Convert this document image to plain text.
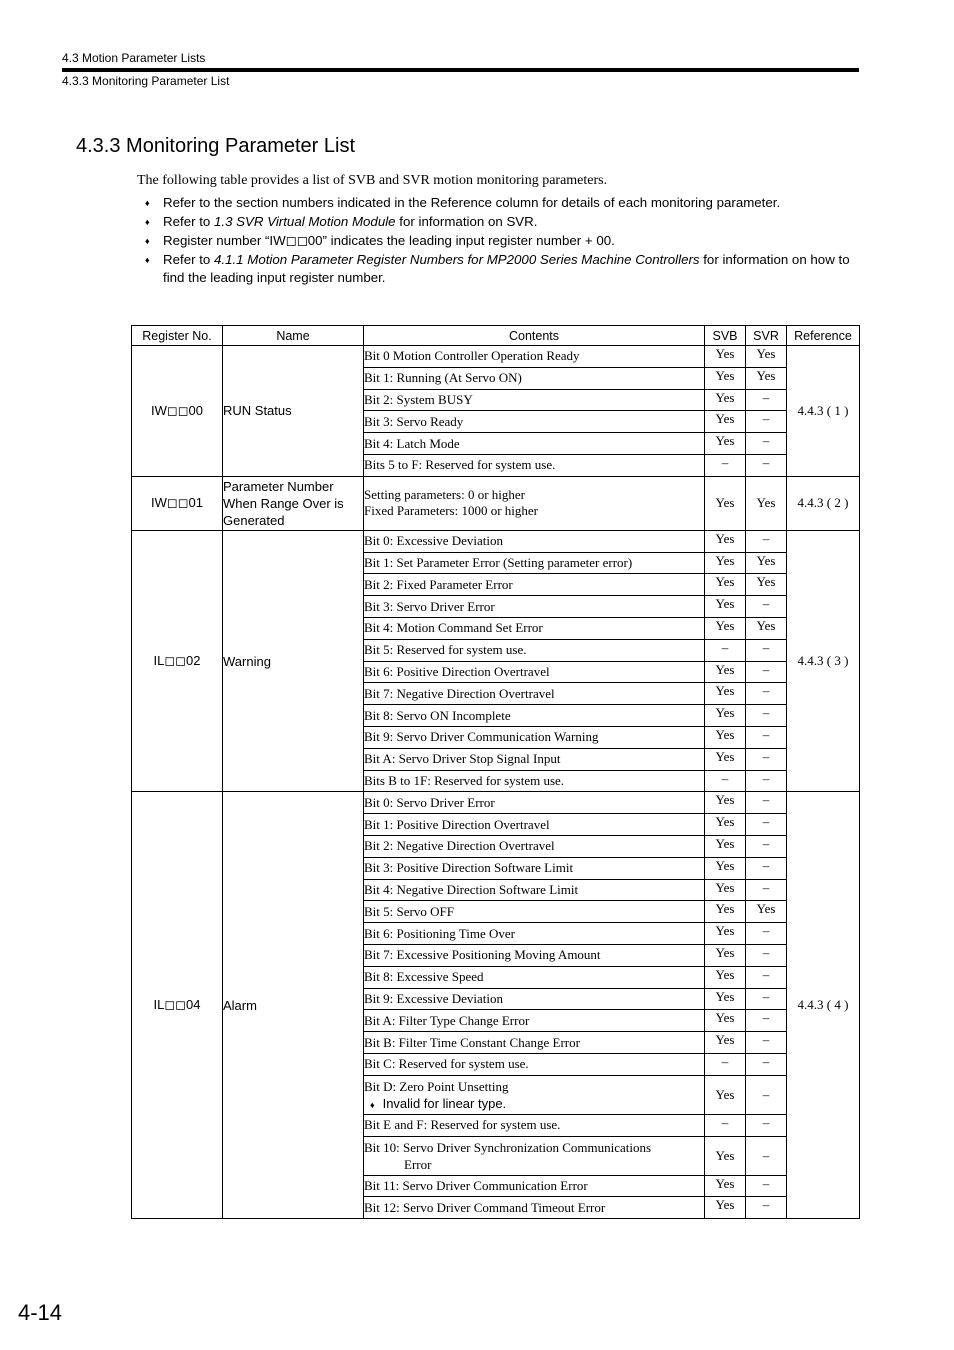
4.3 Motion Parameter Lists
4.3.3 Monitoring Parameter List
4.3.3 Monitoring Parameter List
The following table provides a list of SVB and SVR motion monitoring parameters.
♦ Refer to the section numbers indicated in the Reference column for details of each monitoring parameter.
♦ Refer to 1.3 SVR Virtual Motion Module for information on SVR.
♦ Register number “IW◻◻00” indicates the leading input register number + 00.
♦ Refer to 4.1.1 Motion Parameter Register Numbers for MP2000 Series Machine Controllers for information on how to find the leading input register number.
Register No.	Name	Contents	SVB	SVR	Reference
IW◻◻00	RUN Status	Bit 0 Motion Controller Operation Ready	Yes	Yes	4.4.3 ( 1 )
		Bit 1: Running (At Servo ON)	Yes	Yes	
		Bit 2: System BUSY	Yes	–	
		Bit 3: Servo Ready	Yes	–	
		Bit 4: Latch Mode	Yes	–	
		Bits 5 to F: Reserved for system use.	–	–	
IW◻◻01	Parameter Number When Range Over is Generated	Setting parameters: 0 or higher
Fixed Parameters: 1000 or higher	Yes	Yes	4.4.3 ( 2 )
IL◻◻02	Warning	Bit 0: Excessive Deviation	Yes	–	4.4.3 ( 3 )
		Bit 1: Set Parameter Error (Setting parameter error)	Yes	Yes	
		Bit 2: Fixed Parameter Error	Yes	Yes	
		Bit 3: Servo Driver Error	Yes	–	
		Bit 4: Motion Command Set Error	Yes	Yes	
		Bit 5: Reserved for system use.	–	–	
		Bit 6: Positive Direction Overtravel	Yes	–	
		Bit 7: Negative Direction Overtravel	Yes	–	
		Bit 8: Servo ON Incomplete	Yes	–	
		Bit 9: Servo Driver Communication Warning	Yes	–	
		Bit A: Servo Driver Stop Signal Input	Yes	–	
		Bits B to 1F: Reserved for system use.	–	–	
IL◻◻04	Alarm	Bit 0: Servo Driver Error	Yes	–	4.4.3 ( 4 )
		Bit 1: Positive Direction Overtravel	Yes	–	
		Bit 2: Negative Direction Overtravel	Yes	–	
		Bit 3: Positive Direction Software Limit	Yes	–	
		Bit 4: Negative Direction Software Limit	Yes	–	
		Bit 5: Servo OFF	Yes	Yes	
		Bit 6: Positioning Time Over	Yes	–	
		Bit 7: Excessive Positioning Moving Amount	Yes	–	
		Bit 8: Excessive Speed	Yes	–	
		Bit 9: Excessive Deviation	Yes	–	
		Bit A: Filter Type Change Error	Yes	–	
		Bit B: Filter Time Constant Change Error	Yes	–	
		Bit C: Reserved for system use.	–	–	
		Bit D: Zero Point Unsetting
♦ Invalid for linear type.	Yes	–	
		Bit E and F: Reserved for system use.	–	–	
		Bit 10: Servo Driver Synchronization Communications
Error	Yes	–	
		Bit 11: Servo Driver Communication Error	Yes	–	
		Bit 12: Servo Driver Command Timeout Error	Yes	–	
4-14
